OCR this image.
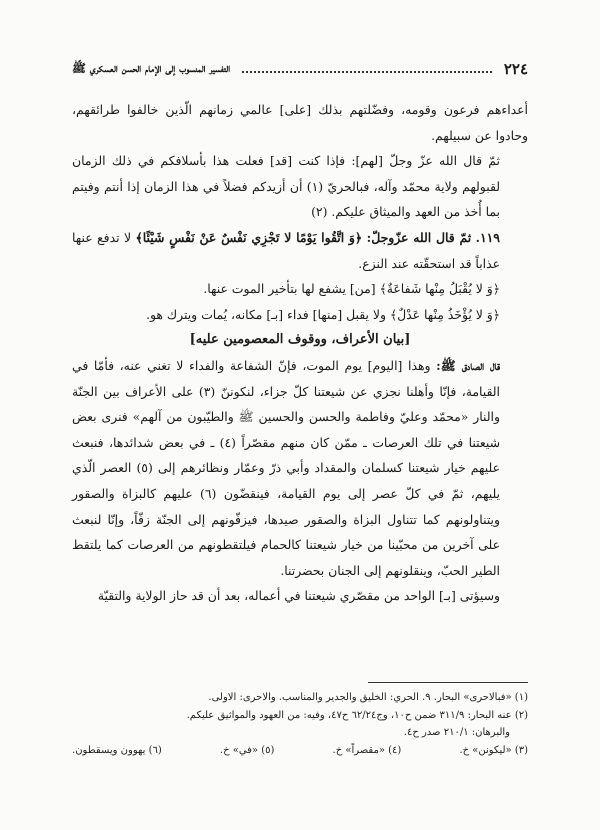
٢٢٤
التفسير المنسوب إلى الإمام الحسن العسكري ﷺ

أعداءهم فرعون وقومه، وفضّلتهم بذلك [على] عالمي زمانهم الّذين خالفوا طرائقهم، وحادوا عن سبيلهم.

ثمّ قال الله عزّ وجلّ [لهم]: فإذا كنت [قد] فعلت هذا بأسلافكم في ذلك الزمان لقبولهم ولاية محمّد وآله، فبالحريّ (١) أن أزيدكم فضلاً في هذا الزمان إذا أنتم وفيتم بما أُخذ من العهد والميثاق عليكم. (٢)

١١٩. ثمّ قال الله عزّوجلّ: ﴿وَ اتَّقُوا يَوْمًا لا تَجْزِي نَفْسٌ عَنْ نَفْسٍ شَيْئًا﴾ لا تدفع عنها عذاباً قد استحقّته عند النزع.

﴿وَ لا يُقْبَلُ مِنْها شَفاعَةٌ﴾ [من] يشفع لها بتأخير الموت عنها.

﴿وَ لا يُؤْخَذُ مِنْها عَدْلٌ﴾ ولا يقبل [منها] فداء [بـ] مكانه، يُمات ويترك هو.

[بيان الأعراف، ووقوف المعصومين عليه]

قال الصادق ﷺ: وهذا [اليوم] يوم الموت، فإنّ الشفاعة والفداء لا تغني عنه، فأمّا في القيامة، فإنّا وأهلنا نجزي عن شيعتنا كلّ جزاء، لنكوننّ (٣) على الأعراف بين الجنّة والنار «محمّد وعليّ وفاطمة والحسن والحسين ﷺ والطيّبون من آلهم» فنرى بعض شيعتنا في تلك العرصات ـ ممّن كان منهم مقصّراً (٤) ـ في بعض شدائدها، فنبعث عليهم خيار شيعتنا كسلمان والمقداد وأبي ذرّ وعمّار ونظائرهم إلى (٥) العصر الّذي يليهم، ثمّ في كلّ عصر إلى يوم القيامة، فينقضّون (٦) عليهم كالبزاة والصقور ويتناولونهم كما تتناول البزاة والصقور صيدها، فيزفّونهم إلى الجنّة زفّاً، وإنّا لنبعث على آخرين من محبّينا من خيار شيعتنا كالحمام فيلتقطونهم من العرصات كما يلتقط الطير الحبّ، وينقلونهم إلى الجنان بحضرتنا.

وسيؤتى [بـ] الواحد من مقصّري شيعتنا في أعماله، بعد أن قد حاز الولاية والتقيّة

(١) «فبالاحرى» البحار. ٩. الحري: الخليق والجدير والمناسب. والاحرى: الاولى.

(٢) عنه البحار: ٣١١/٩ ضمن ح١٠، وج٦٢/٢٤ ح٤٧، وفيه: من العهود والمواثيق عليكم.

والبرهان: ٢١٠/١ صدر ح٤.

(٣) «ليكونن» خ.
(٤) «مقصراً» خ.
(٥) «في» خ.
(٦) يهوون ويسقطون.
